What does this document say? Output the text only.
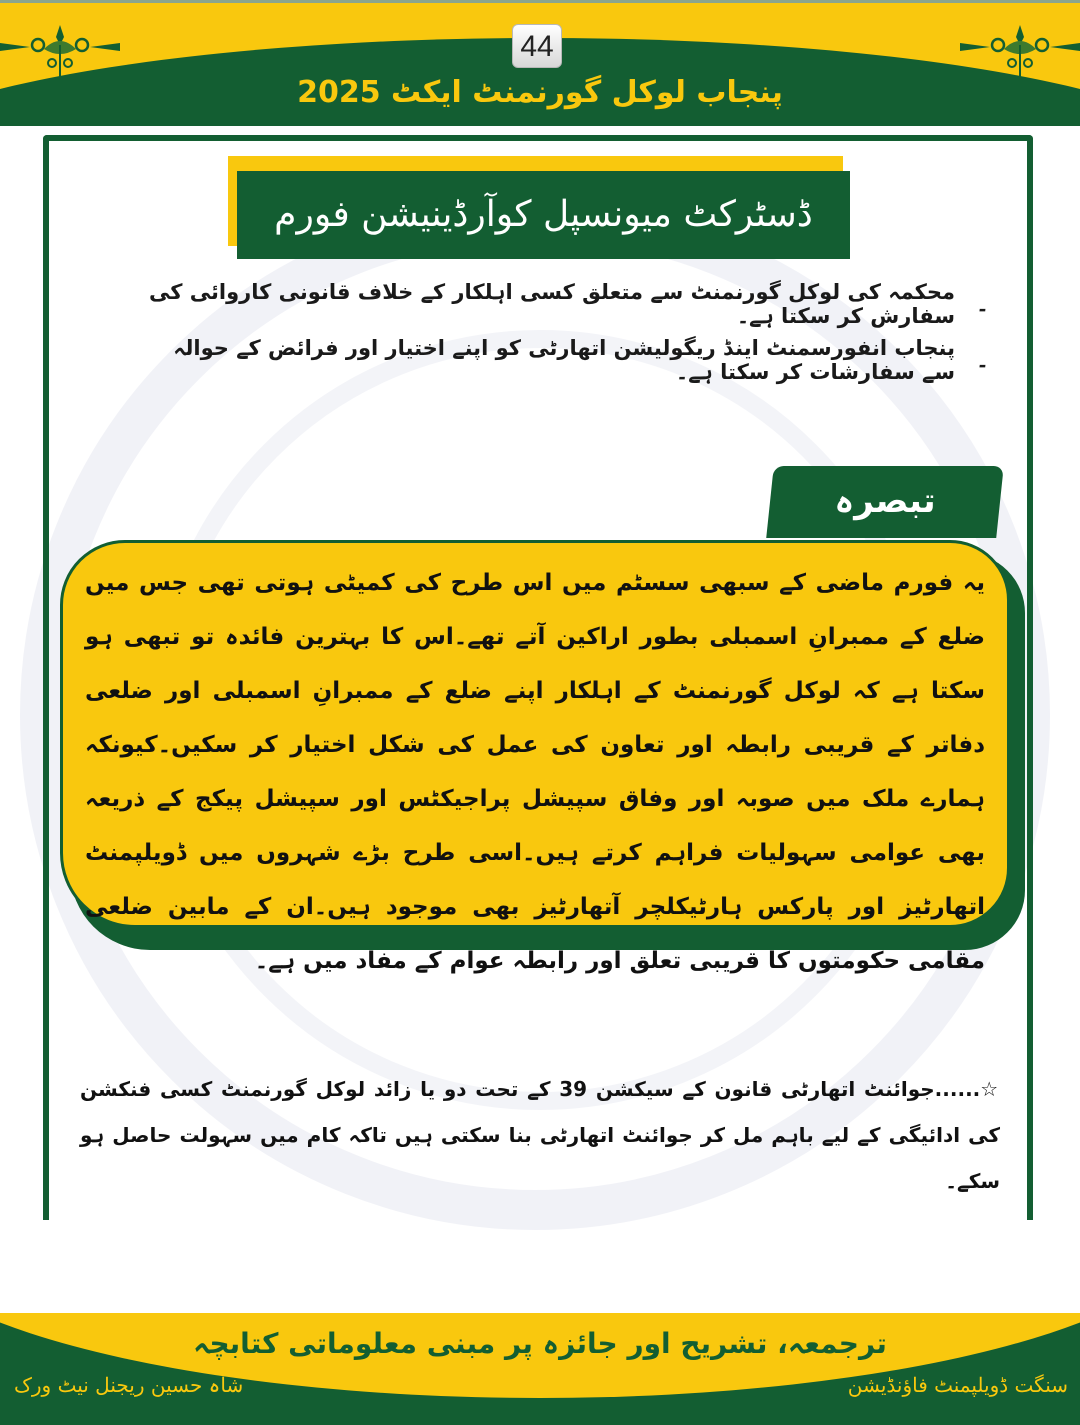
44
پنجاب لوکل گورنمنٹ ایکٹ 2025
ڈسٹرکٹ میونسپل کوآرڈینیشن فورم
۔
محکمہ کی لوکل گورنمنٹ سے متعلق کسی اہلکار کے خلاف قانونی کاروائی کی سفارش کر سکتا ہے۔
۔
پنجاب انفورسمنٹ اینڈ ریگولیشن اتھارٹی کو اپنے اختیار اور فرائض کے حوالہ سے سفارشات کر سکتا ہے۔
تبصرہ
یہ فورم ماضی کے سبھی سسٹم میں اس طرح کی کمیٹی ہوتی تھی جس میں ضلع کے ممبرانِ اسمبلی بطور اراکین آتے تھے۔اس کا بہترین فائدہ تو تبھی ہو سکتا ہے کہ لوکل گورنمنٹ کے اہلکار اپنے ضلع کے ممبرانِ اسمبلی اور ضلعی دفاتر کے قریبی رابطہ اور تعاون کی عمل کی شکل اختیار کر سکیں۔کیونکہ ہمارے ملک میں صوبہ اور وفاق سپیشل پراجیکٹس اور سپیشل پیکج کے ذریعہ بھی عوامی سہولیات فراہم کرتے ہیں۔اسی طرح بڑے شہروں میں ڈویلپمنٹ اتھارٹیز اور پارکس ہارٹیکلچر آتھارٹیز بھی موجود ہیں۔ان کے مابین ضلعی مقامی حکومتوں کا قریبی تعلق اور رابطہ عوام کے مفاد میں ہے۔
☆......جوائنٹ اتھارٹی قانون کے سیکشن 39 کے تحت دو یا زائد لوکل گورنمنٹ کسی فنکشن کی ادائیگی کے لیے باہم مل کر جوائنٹ اتھارٹی بنا سکتی ہیں تاکہ کام میں سہولت حاصل ہو سکے۔
ترجمعہ، تشریح اور جائزہ پر مبنی معلوماتی کتابچہ
شاہ حسین ریجنل نیٹ ورک	سنگت ڈویلپمنٹ فاؤنڈیشن
